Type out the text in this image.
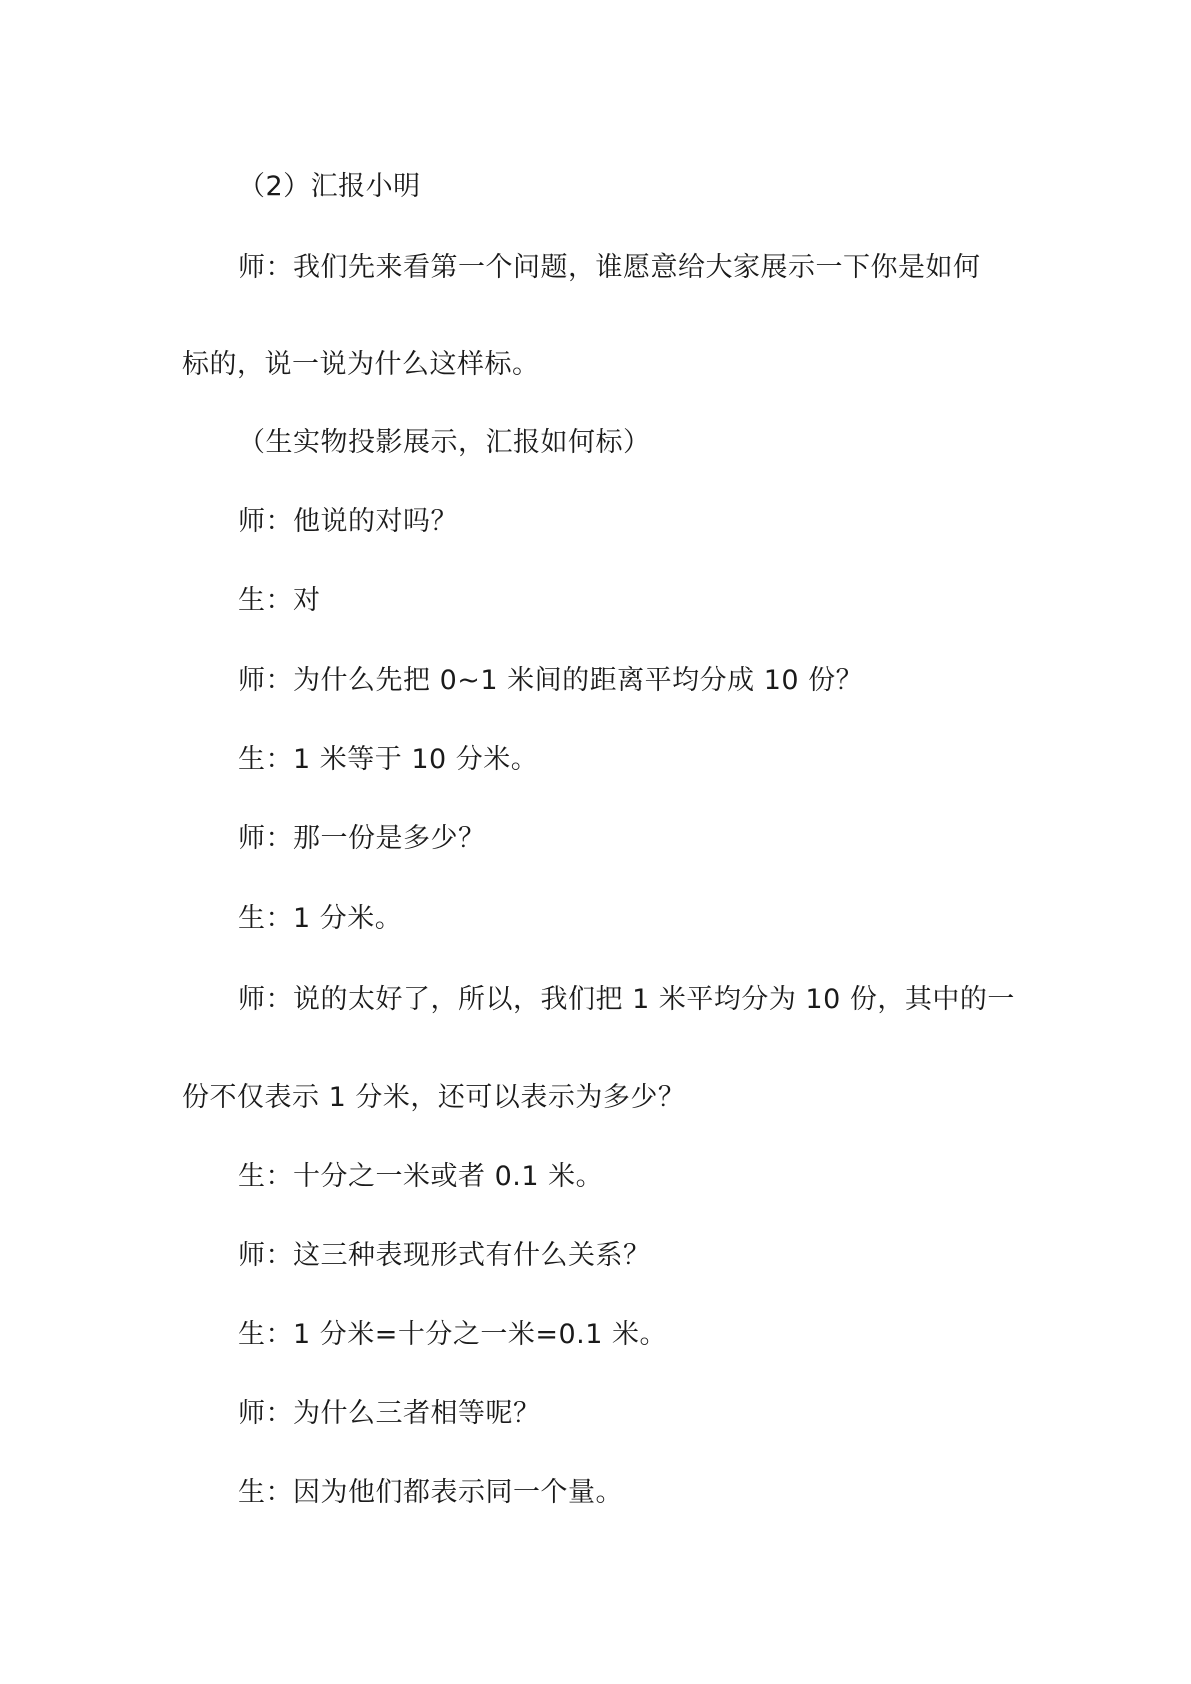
（2）汇报小明
师：我们先来看第一个问题，谁愿意给大家展示一下你是如何
标的，说一说为什么这样标。
（生实物投影展示，汇报如何标）
师：他说的对吗？
生：对
师：为什么先把 0~1 米间的距离平均分成 10 份？
生：1 米等于 10 分米。
师：那一份是多少？
生：1 分米。
师：说的太好了，所以，我们把 1 米平均分为 10 份，其中的一
份不仅表示 1 分米，还可以表示为多少？
生：十分之一米或者 0.1 米。
师：这三种表现形式有什么关系？
生：1 分米=十分之一米=0.1 米。
师：为什么三者相等呢？
生：因为他们都表示同一个量。
